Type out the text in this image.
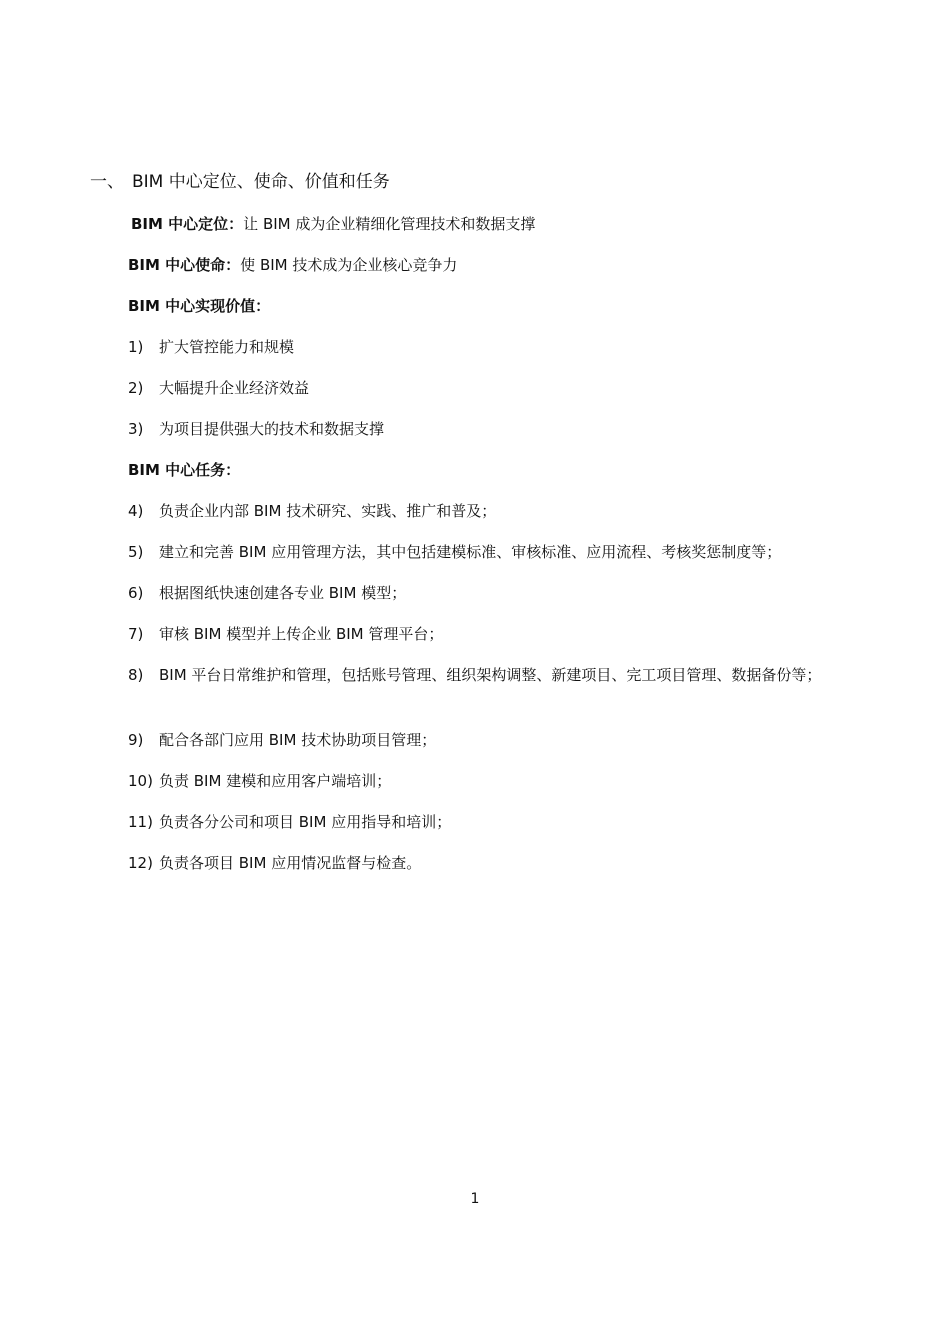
一、 BIM 中心定位、使命、价值和任务
BIM 中心定位：让 BIM 成为企业精细化管理技术和数据支撑
BIM 中心使命：使 BIM 技术成为企业核心竞争力
BIM 中心实现价值：
1)	扩大管控能力和规模
2)	大幅提升企业经济效益
3)	为项目提供强大的技术和数据支撑
BIM 中心任务：
4)	负责企业内部 BIM 技术研究、实践、推广和普及；
5)	建立和完善 BIM 应用管理方法，其中包括建模标准、审核标准、应用流程、考核奖惩制度等；
6)	根据图纸快速创建各专业 BIM 模型；
7)	审核 BIM 模型并上传企业 BIM 管理平台；
8)	BIM 平台日常维护和管理，包括账号管理、组织架构调整、新建项目、完工项目管理、数据备份等；
9)	配合各部门应用 BIM 技术协助项目管理；
10) 负责 BIM 建模和应用客户端培训；
11) 负责各分公司和项目 BIM 应用指导和培训；
12) 负责各项目 BIM 应用情况监督与检查。
1
